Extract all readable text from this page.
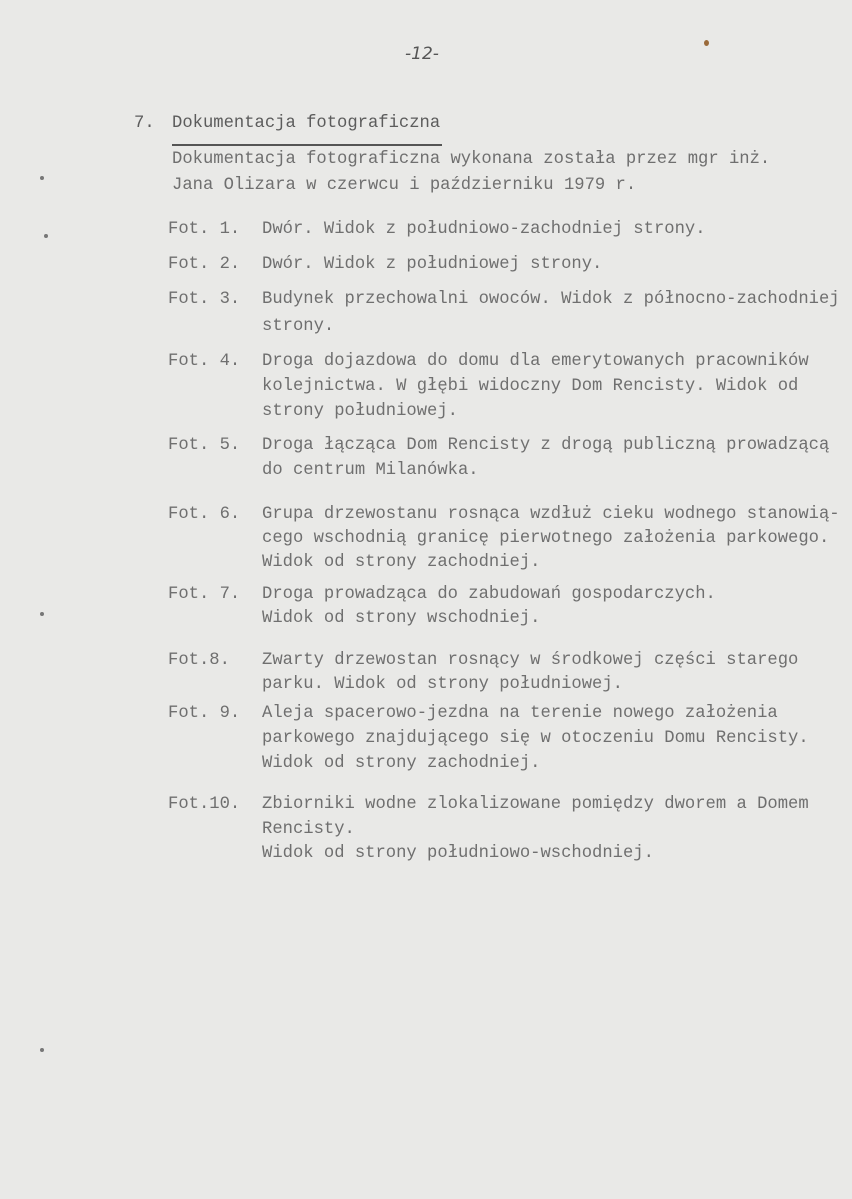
-12-
7. Dokumentacja fotograficzna
Dokumentacja fotograficzna wykonana została przez mgr inż.
Jana Olizara w czerwcu i październiku 1979 r.
Fot. 1. Dwór. Widok z południowo-zachodniej strony.
Fot. 2. Dwór. Widok z południowej strony.
Fot. 3. Budynek przechowalni owoców. Widok z północno-zachodniej
strony.
Fot. 4. Droga dojazdowa do domu dla emerytowanych pracowników
kolejnictwa. W głębi widoczny Dom Rencisty. Widok od
strony południowej.
Fot. 5. Droga łącząca Dom Rencisty z drogą publiczną prowadzącą
do centrum Milanówka.
Fot. 6. Grupa drzewostanu rosnąca wzdłuż cieku wodnego stanowią-
cego wschodnią granicę pierwotnego założenia parkowego.
Widok od strony zachodniej.
Fot. 7. Droga prowadząca do zabudowań gospodarczych.
Widok od strony wschodniej.
Fot.8. Zwarty drzewostan rosnący w środkowej części starego
parku. Widok od strony południowej.
Fot. 9. Aleja spacerowo-jezdna na terenie nowego założenia
parkowego znajdującego się w otoczeniu Domu Rencisty.
Widok od strony zachodniej.
Fot.10. Zbiorniki wodne zlokalizowane pomiędzy dworem a Domem
Rencisty.
Widok od strony południowo-wschodniej.
